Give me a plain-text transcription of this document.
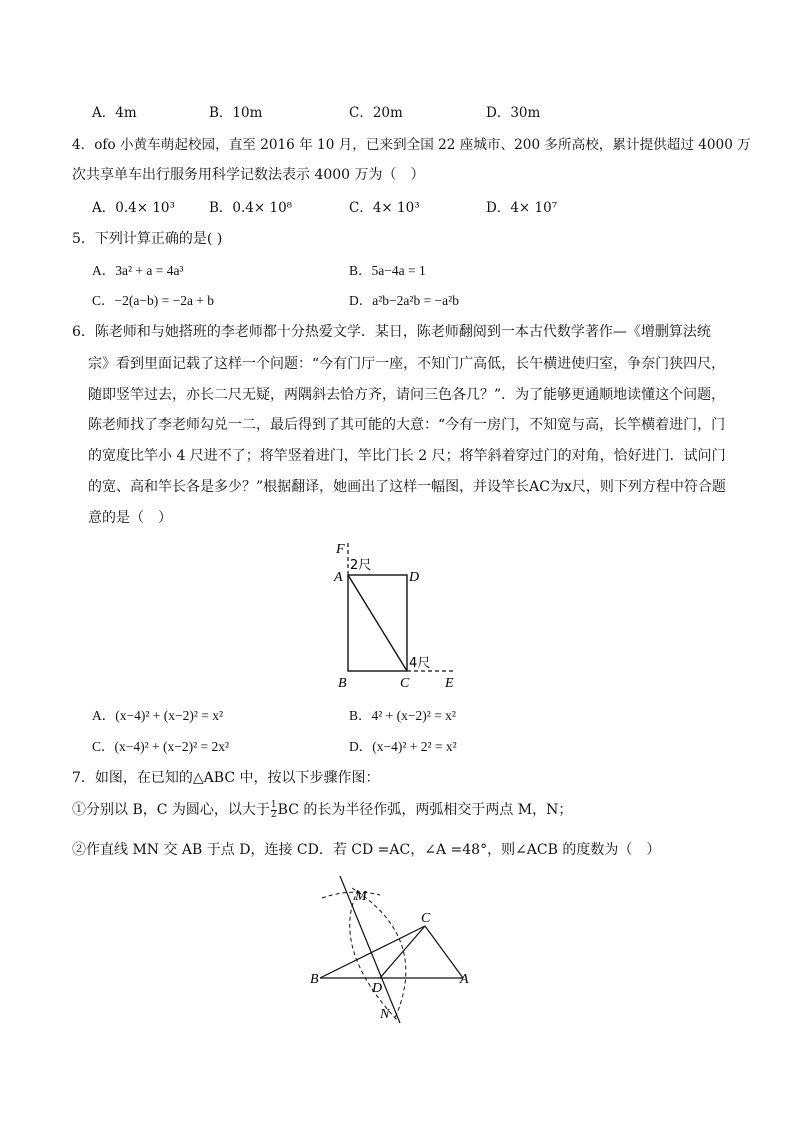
A．4m	B．10m	C．20m	D．30m
4．ofo 小黄车萌起校园，直至 2016 年 10 月，已来到全国 22 座城市、200 多所高校，累计提供超过 4000 万
次共享单车出行服务用科学记数法表示 4000 万为（　）
A．0.4× 10³	B．0.4× 10⁸	C．4× 10³	D．4× 10⁷
5．下列计算正确的是( )
A．3a² + a = 4a³	B．5a−4a = 1
C．−2(a−b) = −2a + b	D．a²b−2a²b = −a²b
6．陈老师和与她搭班的李老师都十分热爱文学．某日，陈老师翻阅到一本古代数学著作—《增删算法统
宗》看到里面记载了这样一个问题：“今有门厅一座，不知门广高低，长午横进使归室，争奈门狭四尺，
随即竖竿过去，亦长二尺无疑，两隅斜去恰方齐，请问三色各几？”．为了能够更通顺地读懂这个问题，
陈老师找了李老师勾兑一二，最后得到了其可能的大意：“今有一房门，不知宽与高，长竿横着进门，门
的宽度比竿小 4 尺进不了；将竿竖着进门，竿比门长 2 尺；将竿斜着穿过门的对角，恰好进门．试问门
的宽、高和竿长各是多少？”根据翻译，她画出了这样一幅图，并设竿长AC为x尺，则下列方程中符合题
意的是（　）
F
A
2尺
D
B	C
4尺
E
A．(x−4)² + (x−2)² = x²	B．4² + (x−2)² = x²
C．(x−4)² + (x−2)² = 2x²	D．(x−4)² + 2² = x²
7．如图，在已知的△ABC 中，按以下步骤作图：
①分别以 B，C 为圆心，以大于 $\frac{1}{2}$ BC 的长为半径作弧，两弧相交于两点 M，N；
②作直线 MN 交 AB 于点 D，连接 CD．若 CD =AC，∠A =48°，则∠ACB 的度数为（　）
M
C
B
D
A
N
